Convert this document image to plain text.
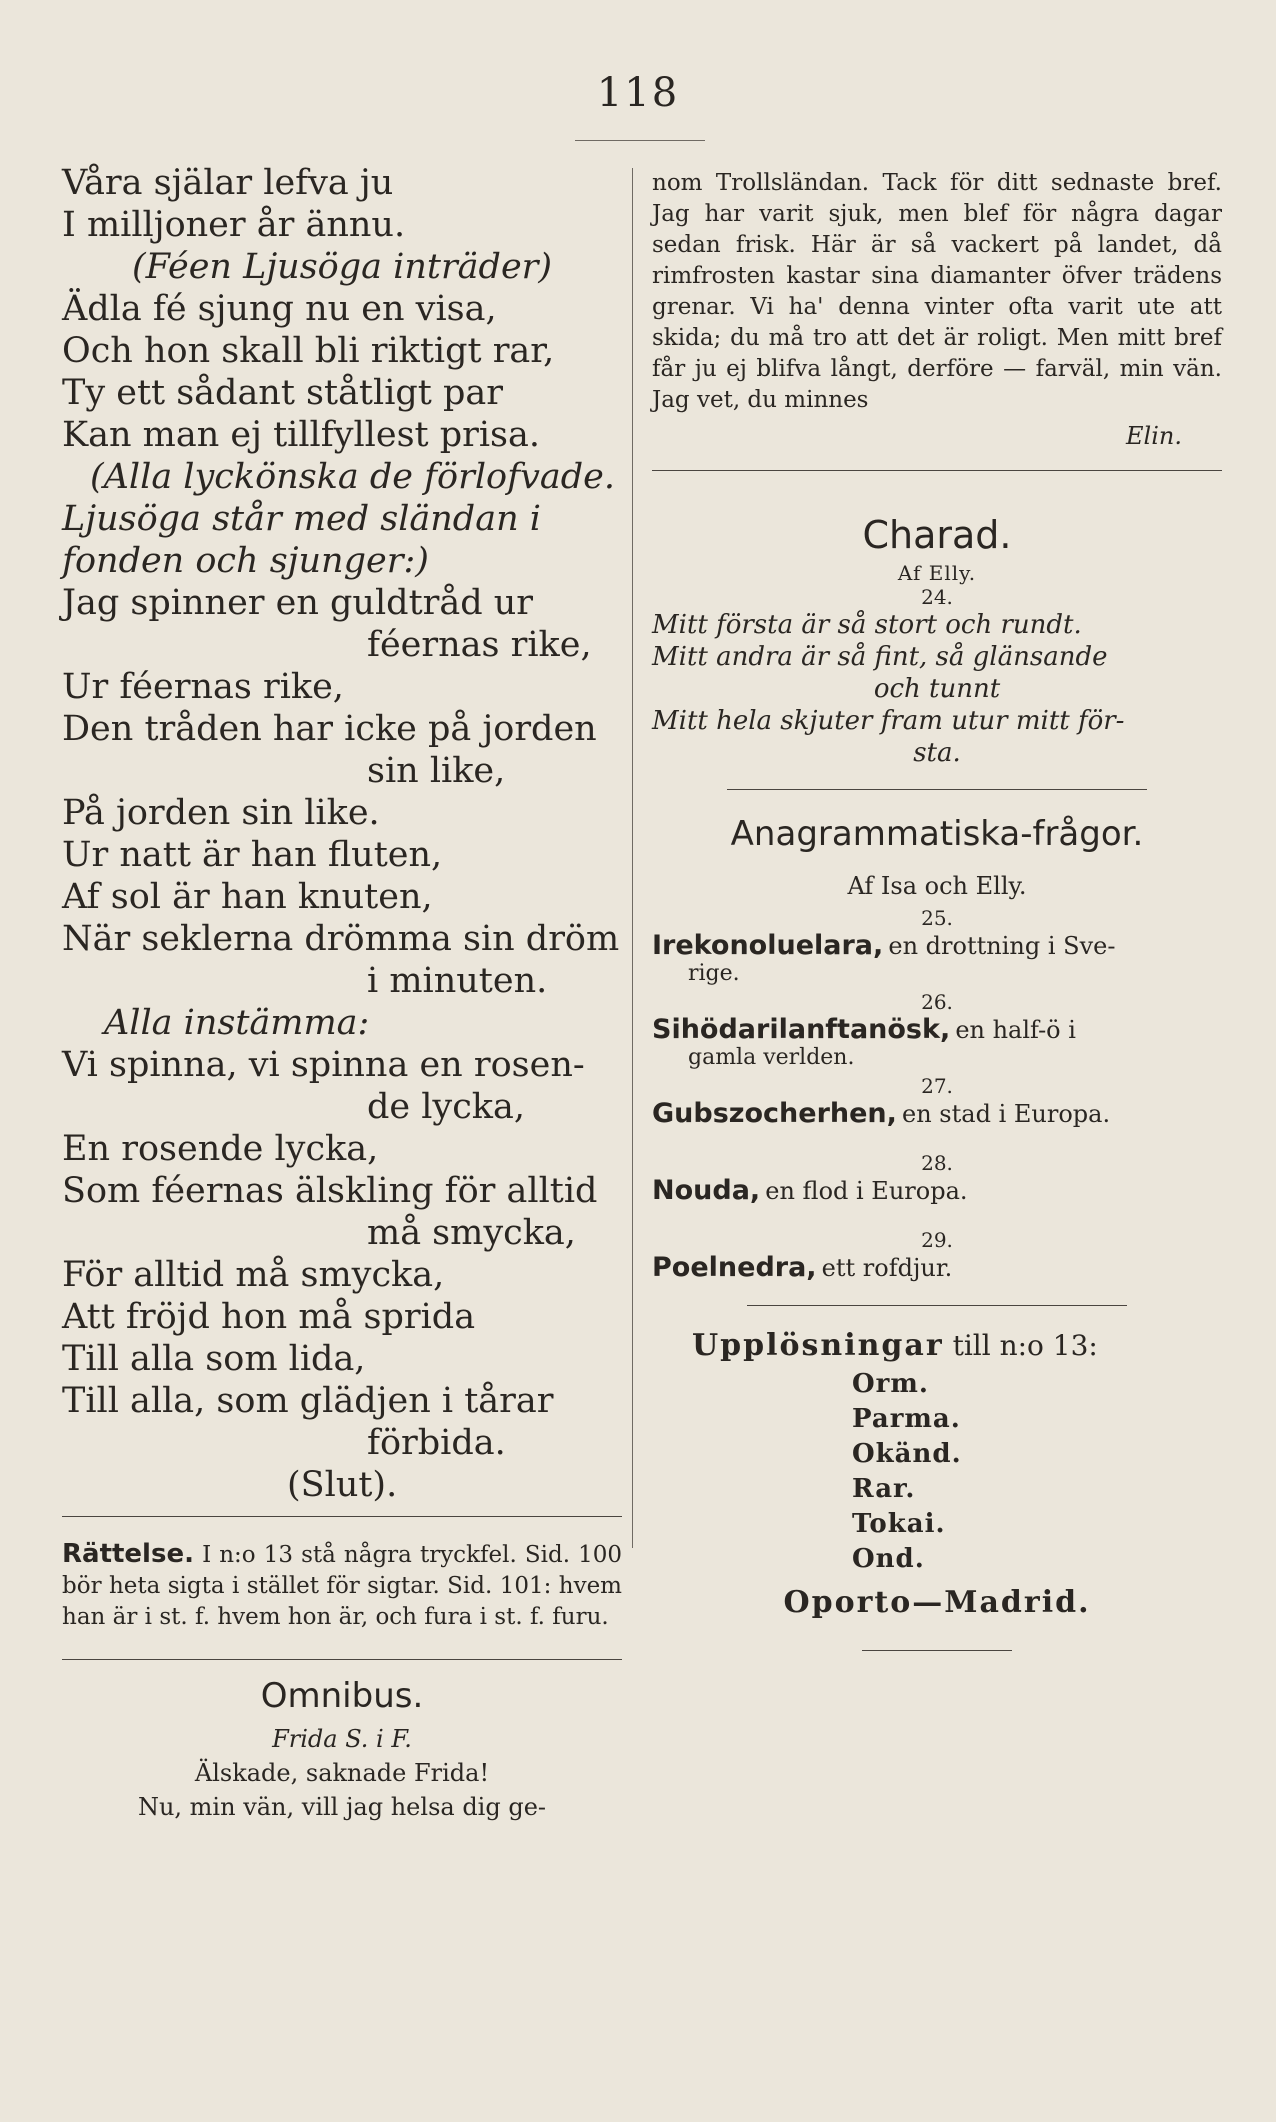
118
Våra själar lefva ju
I milljoner år ännu.
(Féen Ljusöga inträder)
Ädla fé sjung nu en visa,
Och hon skall bli riktigt rar,
Ty ett sådant ståtligt par
Kan man ej tillfyllest prisa.
(Alla lyckönska de förlofvade.
Ljusöga står med sländan i
fonden och sjunger:)
Jag spinner en guldtråd ur
féernas rike,
Ur féernas rike,
Den tråden har icke på jorden
sin like,
På jorden sin like.
Ur natt är han fluten,
Af sol är han knuten,
När seklerna drömma sin dröm
i minuten.
Alla instämma:
Vi spinna, vi spinna en rosen-
de lycka,
En rosende lycka,
Som féernas älskling för alltid
må smycka,
För alltid må smycka,
Att fröjd hon må sprida
Till alla som lida,
Till alla, som glädjen i tårar
förbida.
(Slut).
Rättelse. I n:o 13 stå några tryckfel. Sid. 100 bör heta sigta i stället för sigtar. Sid. 101: hvem han är i st. f. hvem hon är, och fura i st. f. furu.
Omnibus.
Frida S. i F.
Älskade, saknade Frida!
Nu, min vän, vill jag helsa dig ge-

nom Trollsländan. Tack för ditt sednaste bref. Jag har varit sjuk, men blef för några dagar sedan frisk. Här är så vackert på landet, då rimfrosten kastar sina diamanter öfver trädens grenar. Vi ha' denna vinter ofta varit ute att skida; du må tro att det är roligt. Men mitt bref får ju ej blifva långt, derföre — farväl, min vän. Jag vet, du minnes

Elin.
Charad.
Af Elly.
24.
Mitt första är så stort och rundt.
Mitt andra är så fint, så glänsande
och tunnt
Mitt hela skjuter fram utur mitt för-
sta.
Anagrammatiska-frågor.
Af Isa och Elly.
25.
Irekonoluelara, en drottning i Sve-
rige.
26.
Sihödarilanftanösk, en half-ö i
gamla verlden.
27.
Gubszocherhen, en stad i Europa.
28.
Nouda, en flod i Europa.
29.
Poelnedra, ett rofdjur.
Upplösningar till n:o 13:
Orm.
Parma.
Okänd.
Rar.
Tokai.
Ond.
Oporto—Madrid.
